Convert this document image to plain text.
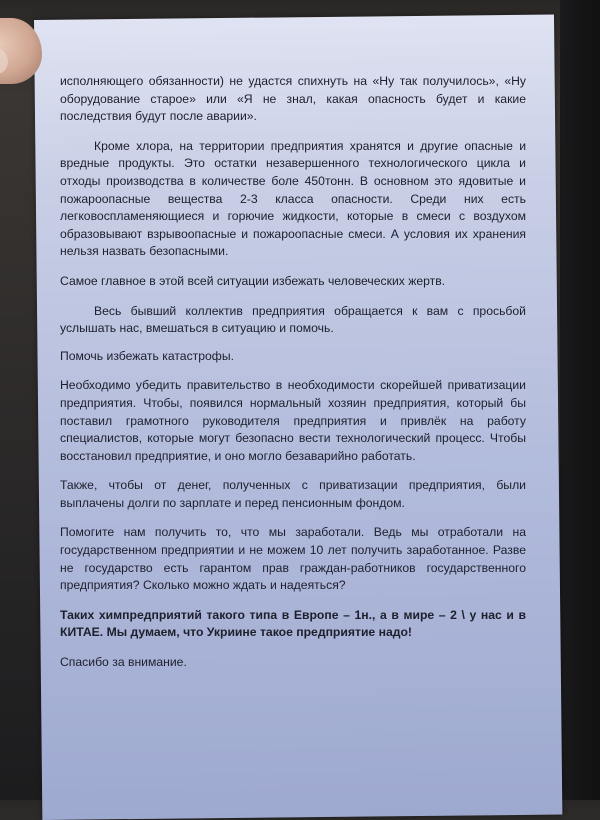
исполняющего обязанности) не удастся спихнуть на «Ну так получилось», «Ну оборудование старое» или «Я не знал, какая опасность будет и какие последствия будут после аварии».

Кроме хлора, на территории предприятия хранятся и другие опасные и вредные продукты. Это остатки незавершенного технологического цикла и отходы производства в количестве боле 450тонн. В основном это ядовитые и пожароопасные вещества 2-3 класса опасности. Среди них есть легковоспламеняющиеся и горючие жидкости, которые в смеси с воздухом образовывают взрывоопасные и пожароопасные смеси. А условия их хранения нельзя назвать безопасными.

Самое главное в этой всей ситуации избежать человеческих жертв.

Весь бывший коллектив предприятия обращается к вам с просьбой услышать нас, вмешаться в ситуацию и помочь.

Помочь избежать катастрофы.

Необходимо убедить правительство в необходимости скорейшей приватизации предприятия. Чтобы, появился нормальный хозяин предприятия, который бы поставил грамотного руководителя предприятия и привлёк на работу специалистов, которые могут безопасно вести технологический процесс. Чтобы восстановил предприятие, и оно могло безаварийно работать.

Также, чтобы от денег, полученных с приватизации предприятия, были выплачены долги по зарплате и перед пенсионным фондом.

Помогите нам получить то, что мы заработали. Ведь мы отработали на государственном предприятии и не можем 10 лет получить заработанное. Разве не государство есть гарантом прав граждан-работников государственного предприятия? Сколько можно ждать и надеяться?

Таких химпредприятий такого типа в Европе – 1н., а в мире – 2 \ у нас и в КИТАЕ. Мы думаем, что Укриине такое предприятие надо!

Спасибо за внимание.
